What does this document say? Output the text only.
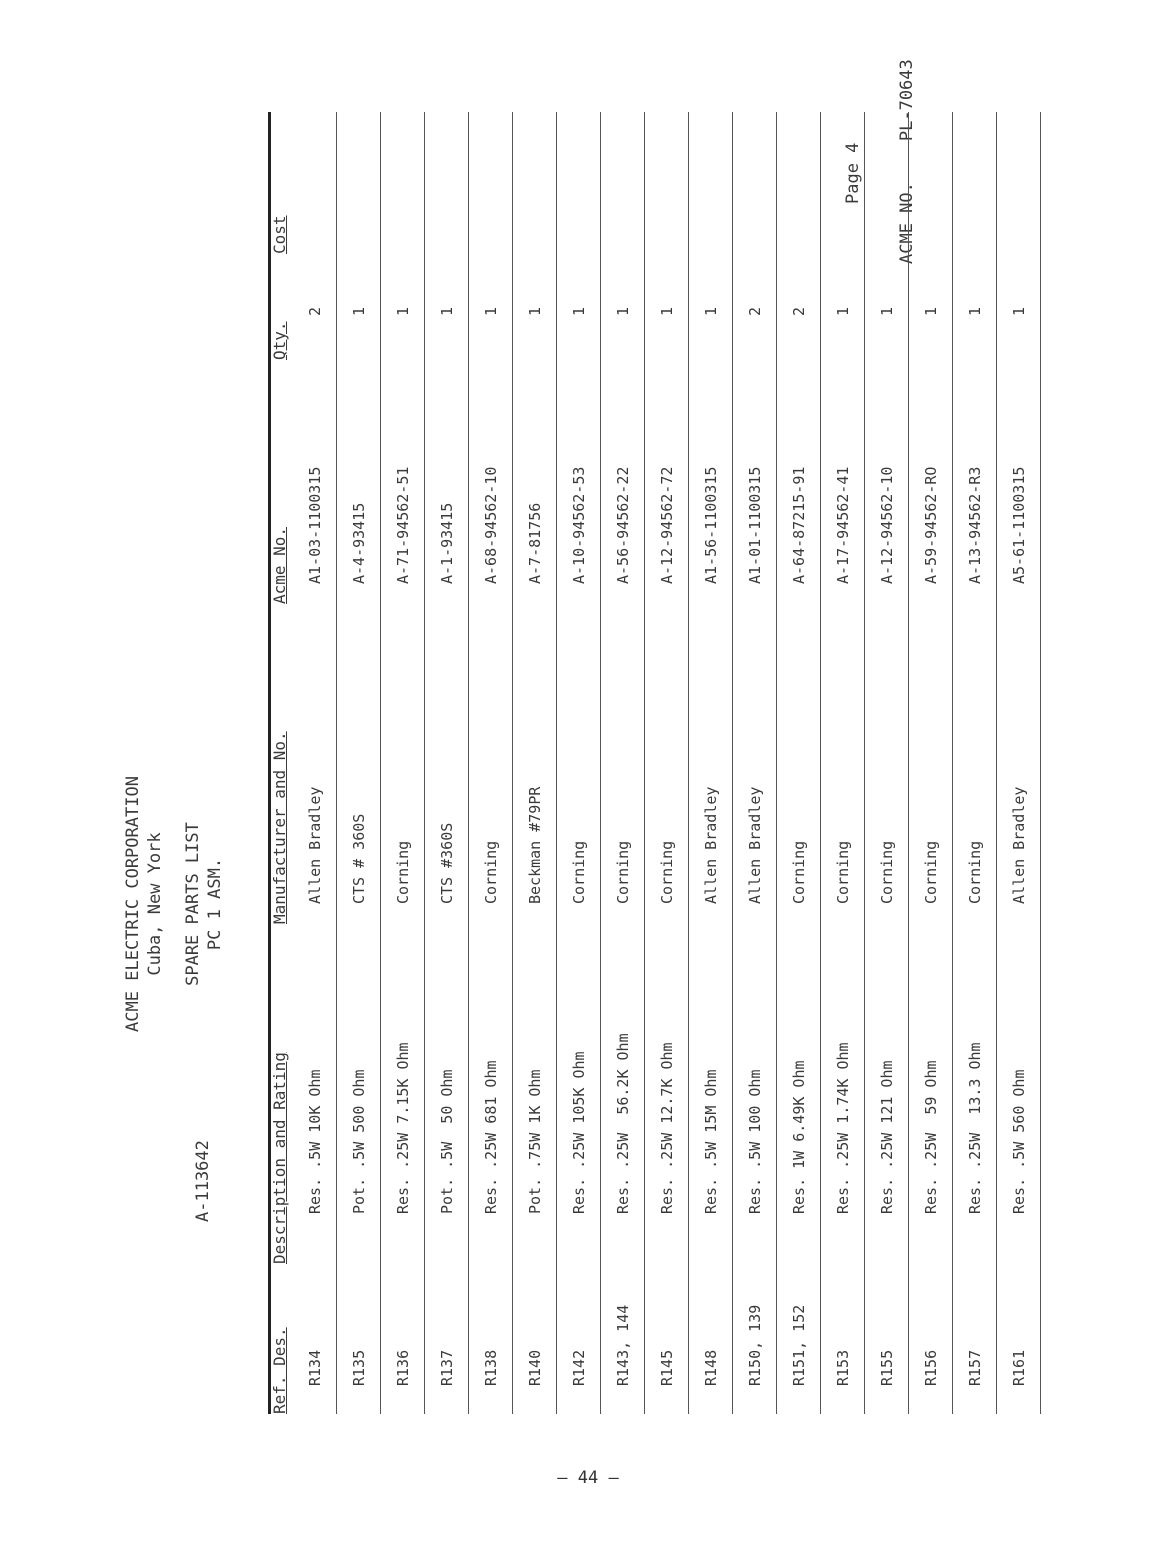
A-113642
ACME ELECTRIC CORPORATION Cuba, New York SPARE PARTS LIST PC 1 ASM.
Page 4
ACME NO.    PL-70643
Ref. Des.
Description and Rating
Manufacturer and No.
Acme No.
Qty.
Cost
R134
Res. .5W 10K Ohm
Allen Bradley
A1-03-1100315
2
R135
Pot. .5W 500 Ohm
CTS # 360S
A-4-93415
1
R136
Res. .25W 7.15K Ohm
Corning
A-71-94562-51
1
R137
Pot. .5W  50 Ohm
CTS #360S
A-1-93415
1
R138
Res. .25W 681 Ohm
Corning
A-68-94562-10
1
R140
Pot. .75W 1K Ohm
Beckman #79PR
A-7-81756
1
R142
Res. .25W 105K Ohm
Corning
A-10-94562-53
1
R143, 144
Res. .25W  56.2K Ohm
Corning
A-56-94562-22
1
R145
Res. .25W 12.7K Ohm
Corning
A-12-94562-72
1
R148
Res. .5W 15M Ohm
Allen Bradley
A1-56-1100315
1
R150, 139
Res. .5W 100 Ohm
Allen Bradley
A1-01-1100315
2
R151, 152
Res. 1W 6.49K Ohm
Corning
A-64-87215-91
2
R153
Res. .25W 1.74K Ohm
Corning
A-17-94562-41
1
R155
Res. .25W 121 Ohm
Corning
A-12-94562-10
1
R156
Res. .25W  59 Ohm
Corning
A-59-94562-RO
1
R157
Res. .25W  13.3 Ohm
Corning
A-13-94562-R3
1
R161
Res. .5W 560 Ohm
Allen Bradley
A5-61-1100315
1
— 44 —
